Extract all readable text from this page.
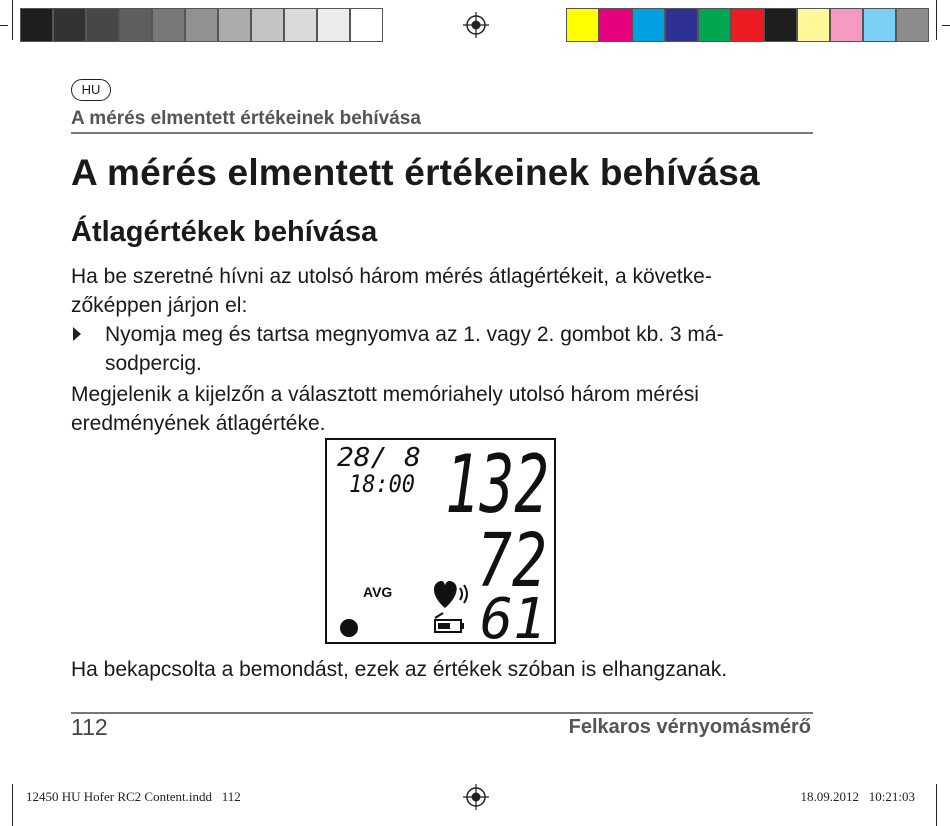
HU
A mérés elmentett értékeinek behívása
A mérés elmentett értékeinek behívása
Átlagértékek behívása
Ha be szeretné hívni az utolsó három mérés átlagértékeit, a követke-
zőképpen járjon el:
Nyomja meg és tartsa megnyomva az 1. vagy 2. gombot kb. 3 má-
sodpercig.
Megjelenik a kijelzőn a választott memóriahely utolsó három mérési
eredményének átlagértéke.
28/ 8
18:00 132
72
AVG 61
Ha bekapcsolta a bemondást, ezek az értékek szóban is elhangzanak.
112	Felkaros vérnyomásmérő
12450 HU Hofer RC2 Content.indd   112	18.09.2012   10:21:03
